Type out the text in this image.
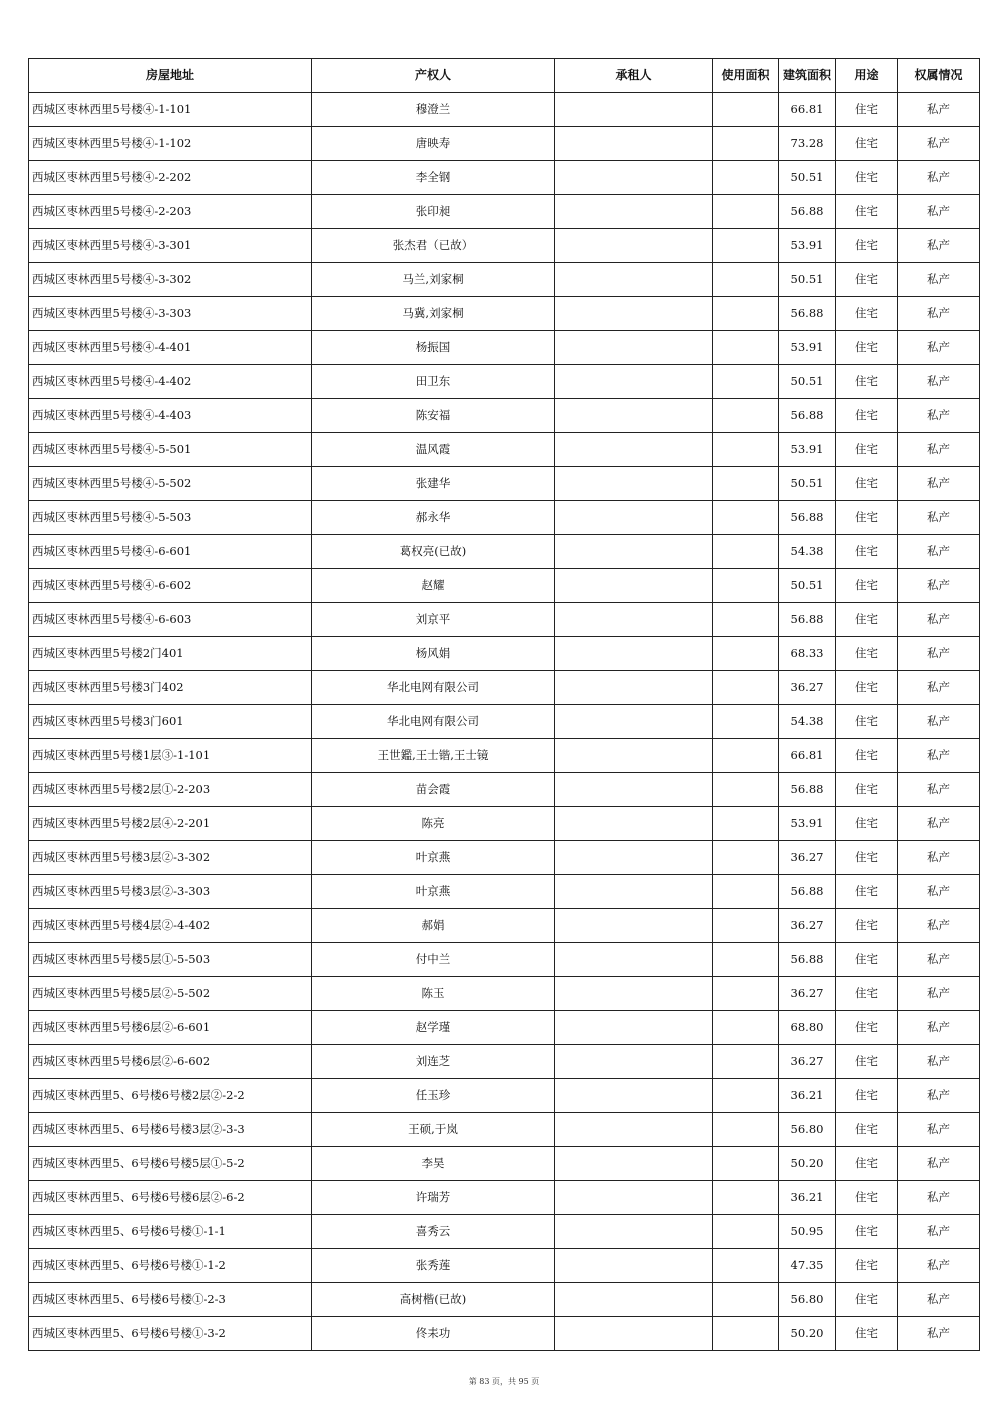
房屋地址	产权人	承租人	使用面积	建筑面积	用途	权属情况
西城区枣林西里5号楼④-1-101	穆澄兰			66.81	住宅	私产
西城区枣林西里5号楼④-1-102	唐映寿			73.28	住宅	私产
西城区枣林西里5号楼④-2-202	李全钢			50.51	住宅	私产
西城区枣林西里5号楼④-2-203	张印昶			56.88	住宅	私产
西城区枣林西里5号楼④-3-301	张杰君（已故）			53.91	住宅	私产
西城区枣林西里5号楼④-3-302	马兰,刘家桐			50.51	住宅	私产
西城区枣林西里5号楼④-3-303	马冀,刘家桐			56.88	住宅	私产
西城区枣林西里5号楼④-4-401	杨振国			53.91	住宅	私产
西城区枣林西里5号楼④-4-402	田卫东			50.51	住宅	私产
西城区枣林西里5号楼④-4-403	陈安福			56.88	住宅	私产
西城区枣林西里5号楼④-5-501	温风霞			53.91	住宅	私产
西城区枣林西里5号楼④-5-502	张建华			50.51	住宅	私产
西城区枣林西里5号楼④-5-503	郝永华			56.88	住宅	私产
西城区枣林西里5号楼④-6-601	葛权亮(已故)			54.38	住宅	私产
西城区枣林西里5号楼④-6-602	赵耀			50.51	住宅	私产
西城区枣林西里5号楼④-6-603	刘京平			56.88	住宅	私产
西城区枣林西里5号楼2门401	杨风娟			68.33	住宅	私产
西城区枣林西里5号楼3门402	华北电网有限公司			36.27	住宅	私产
西城区枣林西里5号楼3门601	华北电网有限公司			54.38	住宅	私产
西城区枣林西里5号楼1层③-1-101	王世鑑,王士锴,王士镜			66.81	住宅	私产
西城区枣林西里5号楼2层①-2-203	苗会霞			56.88	住宅	私产
西城区枣林西里5号楼2层④-2-201	陈亮			53.91	住宅	私产
西城区枣林西里5号楼3层②-3-302	叶京燕			36.27	住宅	私产
西城区枣林西里5号楼3层②-3-303	叶京燕			56.88	住宅	私产
西城区枣林西里5号楼4层②-4-402	郝娟			36.27	住宅	私产
西城区枣林西里5号楼5层①-5-503	付中兰			56.88	住宅	私产
西城区枣林西里5号楼5层②-5-502	陈玉			36.27	住宅	私产
西城区枣林西里5号楼6层②-6-601	赵学瑾			68.80	住宅	私产
西城区枣林西里5号楼6层②-6-602	刘连芝			36.27	住宅	私产
西城区枣林西里5、6号楼6号楼2层②-2-2	任玉珍			36.21	住宅	私产
西城区枣林西里5、6号楼6号楼3层②-3-3	王硕,于岚			56.80	住宅	私产
西城区枣林西里5、6号楼6号楼5层①-5-2	李昊			50.20	住宅	私产
西城区枣林西里5、6号楼6号楼6层②-6-2	许瑞芳			36.21	住宅	私产
西城区枣林西里5、6号楼6号楼①-1-1	喜秀云			50.95	住宅	私产
西城区枣林西里5、6号楼6号楼①-1-2	张秀莲			47.35	住宅	私产
西城区枣林西里5、6号楼6号楼①-2-3	高树楷(已故)			56.80	住宅	私产
西城区枣林西里5、6号楼6号楼①-3-2	佟耒功			50.20	住宅	私产
第 83 页，共 95 页
